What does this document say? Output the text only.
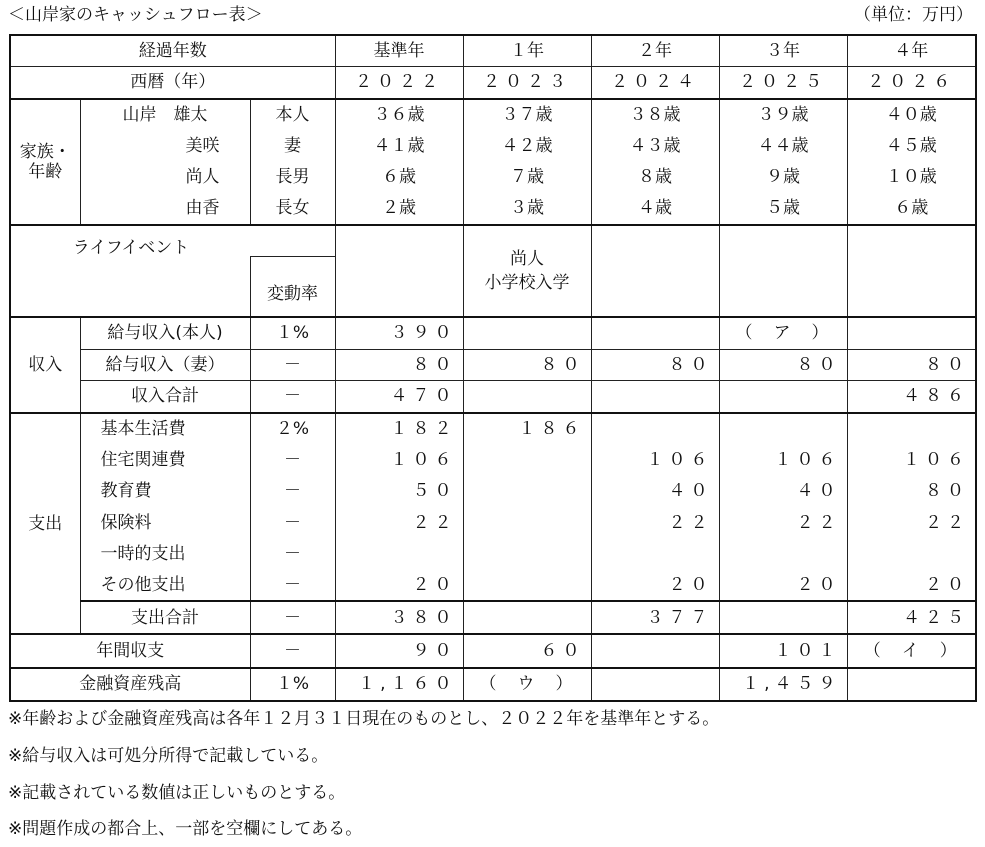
＜山岸家のキャッシュフロー表＞	（単位：万円）
経過年数			基準年	１年	２年	３年	４年
西暦（年）			２０２２	２０２３	２０２４	２０２５	２０２６
家族・年齢	山岸　雄太	本人	３６歳	３７歳	３８歳	３９歳	４０歳
	美咲	妻	４１歳	４２歳	４３歳	４４歳	４５歳
	尚人	長男	６歳	７歳	８歳	９歳	１０歳
	由香	長女	２歳	３歳	４歳	５歳	６歳

ライフイベント				尚人
小学校入学			

		変動率					

収入	給与収入(本人)	１%	３９０			（　ア　）	
	給与収入（妻）	－	８０	８０	８０	８０	８０
	収入合計	－	４７０				４８６
支出	基本生活費	２%	１８２	１８６			
	住宅関連費	－	１０６		１０６	１０６	１０６
	教育費	－	５０		４０	４０	８０
	保険料	－	２２		２２	２２	２２
	一時的支出	－					
	その他支出	－	２０		２０	２０	２０
	支出合計	－	３８０		３７７		４２５
年間収支		－	９０	６０		１０１	（　イ　）
金融資産残高		１%	１,１６０	（　ウ　）		１,４５９	
※年齢および金融資産残高は各年１２月３１日現在のものとし、２０２２年を基準年とする。
※給与収入は可処分所得で記載している。
※記載されている数値は正しいものとする。
※問題作成の都合上、一部を空欄にしてある。
